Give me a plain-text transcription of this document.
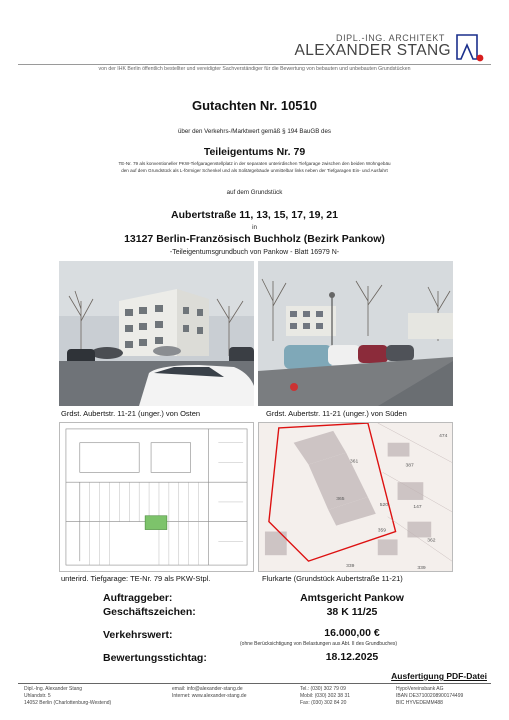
DIPL.-ING. ARCHITEKT
ALEXANDER STANG
von der IHK Berlin öffentlich bestellter und vereidigter Sachverständiger für die Bewertung von bebauten und unbebauten Grundstücken
Gutachten Nr. 10510
über den Verkehrs-/Marktwert gemäß § 194 BauGB des
Teileigentums Nr. 79
TE-Nr. 79 als konventioneller PKW-Tiefgaragenstellplatz in der separaten unterirdischen Tiefgarage zwischen den beiden Wohngebäu
den auf dem Grundstück als L-förmiger Schenkel und als Solitärgebäude unmittelbar links neben der Tiefgaragen Ein- und Ausfahrt
auf dem Grundstück
Aubertstraße 11, 13, 15, 17, 19, 21
in
13127 Berlin-Französisch Buchholz (Bezirk Pankow)
-Teileigentumsgrundbuch von Pankow - Blatt 16979 N-
Grdst. Aubertstr. 11-21 (unger.) von Osten	Grdst. Aubertstr. 11-21 (unger.) von Süden
unterird. Tiefgarage: TE-Nr. 79 als PKW-Stpl.
474
361
387
365
520
339	339
147
359
362
Flurkarte (Grundstück Aubertstraße 11-21)
Auftraggeber:	Amtsgericht Pankow
Geschäftszeichen:	38 K 11/25
Verkehrswert:	16.000,00 €
(ohne Berücksichtigung von Belastungen aus Abt. II des Grundbuches)
Bewertungsstichtag:	18.12.2025
Ausfertigung PDF-Datei
Dipl.-Ing. Alexander Stang
Uhlandstr. 5
14052 Berlin (Charlottenburg-Westend)
email: info@alexander-stang.de
Internet: www.alexander-stang.de
Tel.: (030) 302 79 09
Mobil: (030) 302 38 31
Fax: (030) 302 84 20
HypoVereinsbank AG
IBAN DE37100208900174499
BIC HYVEDEMM488
